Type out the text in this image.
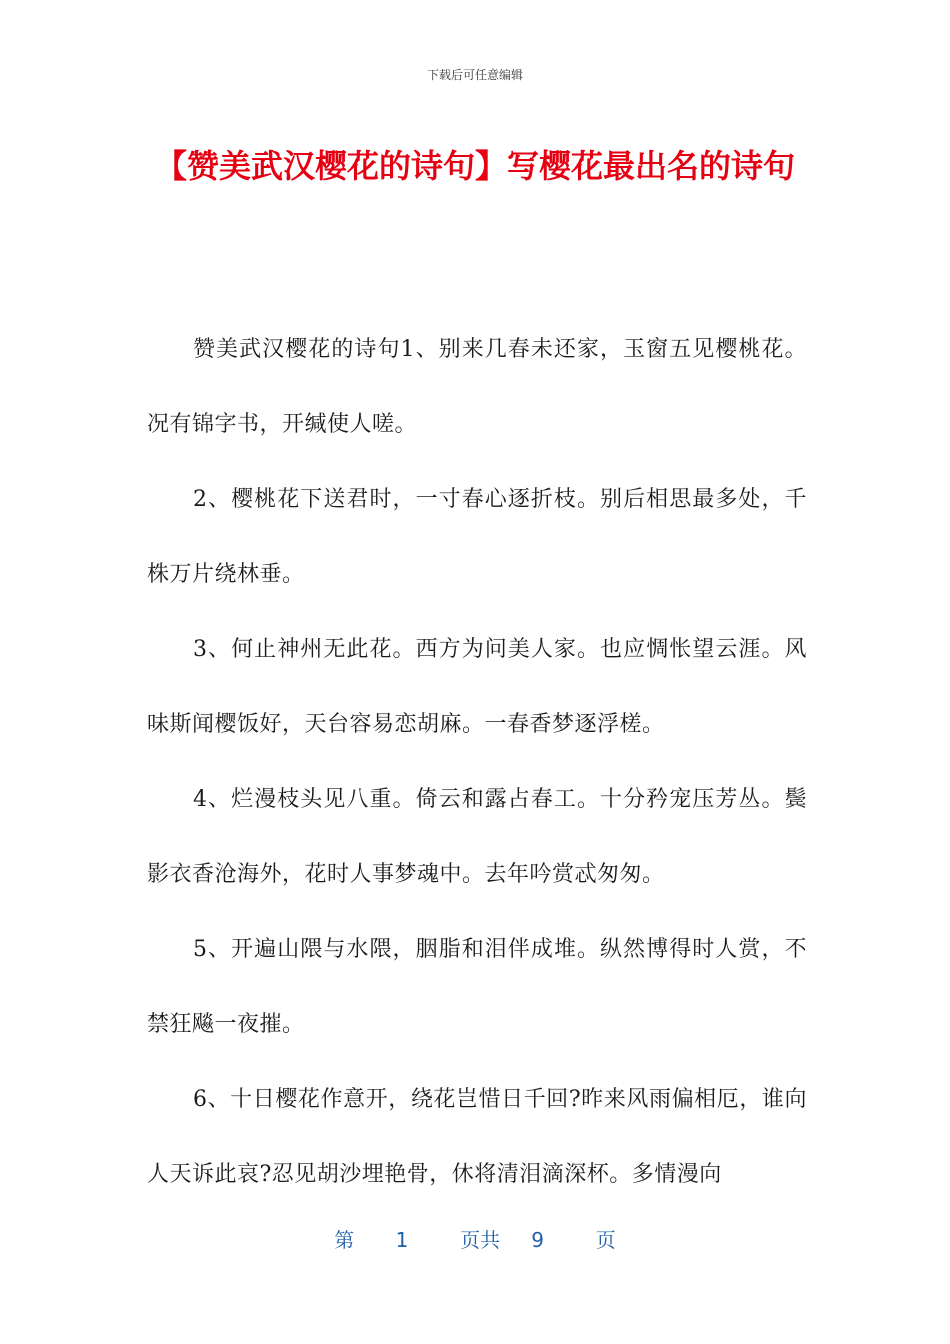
下载后可任意编辑
【赞美武汉樱花的诗句】写樱花最出名的诗句

赞美武汉樱花的诗句1、别来几春未还家，玉窗五见樱桃花。况有锦字书，开缄使人嗟。

2、樱桃花下送君时，一寸春心逐折枝。别后相思最多处，千株万片绕林垂。

3、何止神州无此花。西方为问美人家。也应惆怅望云涯。风味斯闻樱饭好，天台容易恋胡麻。一春香梦逐浮槎。

4、烂漫枝头见八重。倚云和露占春工。十分矜宠压芳丛。鬓影衣香沧海外，花时人事梦魂中。去年吟赏忒匆匆。

5、开遍山隈与水隈，胭脂和泪伴成堆。纵然博得时人赏，不禁狂飚一夜摧。

6、十日樱花作意开，绕花岂惜日千回?昨来风雨偏相厄，谁向人天诉此哀?忍见胡沙埋艳骨，休将清泪滴深杯。多情漫向

第 1	页共 9	页
